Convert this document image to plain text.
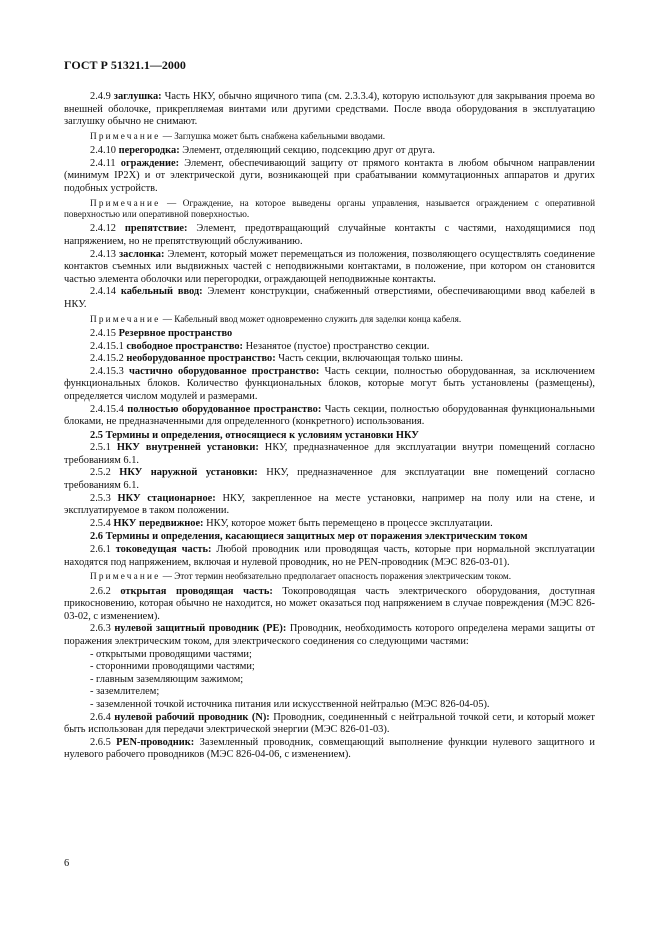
ГОСТ Р 51321.1—2000

2.4.9 заглушка: Часть НКУ, обычно ящичного типа (см. 2.3.3.4), которую используют для закрывания проема во внешней оболочке, прикрепляемая винтами или другими средствами. После ввода оборудования в эксплуатацию заглушку обычно не снимают.

Примечание — Заглушка может быть снабжена кабельными вводами.

2.4.10 перегородка: Элемент, отделяющий секцию, подсекцию друг от друга.

2.4.11 ограждение: Элемент, обеспечивающий защиту от прямого контакта в любом обычном направлении (минимум IP2X) и от электрической дуги, возникающей при срабатывании коммутационных аппаратов и других подобных устройств.

Примечание — Ограждение, на которое выведены органы управления, называется ограждением с оперативной поверхностью или оперативной поверхностью.

2.4.12 препятствие: Элемент, предотвращающий случайные контакты с частями, находящимися под напряжением, но не препятствующий обслуживанию.

2.4.13 заслонка: Элемент, который может перемещаться из положения, позволяющего осуществлять соединение контактов съемных или выдвижных частей с неподвижными контактами, в положение, при котором он становится частью элемента оболочки или перегородки, ограждающей неподвижные контакты.

2.4.14 кабельный ввод: Элемент конструкции, снабженный отверстиями, обеспечивающими ввод кабелей в НКУ.

Примечание — Кабельный ввод может одновременно служить для заделки конца кабеля.

2.4.15 Резервное пространство

2.4.15.1 свободное пространство: Незанятое (пустое) пространство секции.

2.4.15.2 необорудованное пространство: Часть секции, включающая только шины.

2.4.15.3 частично оборудованное пространство: Часть секции, полностью оборудованная, за исключением функциональных блоков. Количество функциональных блоков, которые могут быть установлены (размещены), определяется числом модулей и размерами.

2.4.15.4 полностью оборудованное пространство: Часть секции, полностью оборудованная функциональными блоками, не предназначенными для определенного (конкретного) использования.

2.5 Термины и определения, относящиеся к условиям установки НКУ

2.5.1 НКУ внутренней установки: НКУ, предназначенное для эксплуатации внутри помещений согласно требованиям 6.1.

2.5.2 НКУ наружной установки: НКУ, предназначенное для эксплуатации вне помещений согласно требованиям 6.1.

2.5.3 НКУ стационарное: НКУ, закрепленное на месте установки, например на полу или на стене, и эксплуатируемое в таком положении.

2.5.4 НКУ передвижное: НКУ, которое может быть перемещено в процессе эксплуатации.

2.6 Термины и определения, касающиеся защитных мер от поражения электрическим током

2.6.1 токоведущая часть: Любой проводник или проводящая часть, которые при нормальной эксплуатации находятся под напряжением, включая и нулевой проводник, но не PEN-проводник (МЭС 826-03-01).

Примечание — Этот термин необязательно предполагает опасность поражения электрическим током.

2.6.2 открытая проводящая часть: Токопроводящая часть электрического оборудования, доступная прикосновению, которая обычно не находится, но может оказаться под напряжением в случае повреждения (МЭС 826-03-02, с изменением).

2.6.3 нулевой защитный проводник (РЕ): Проводник, необходимость которого определена мерами защиты от поражения электрическим током, для электрического соединения со следующими частями:

- открытыми проводящими частями;

- сторонними проводящими частями;

- главным заземляющим зажимом;

- заземлителем;

- заземленной точкой источника питания или искусственной нейтралью (МЭС 826-04-05).

2.6.4 нулевой рабочий проводник (N): Проводник, соединенный с нейтральной точкой сети, и который может быть использован для передачи электрической энергии (МЭС 826-01-03).

2.6.5 PEN-проводник: Заземленный проводник, совмещающий выполнение функции нулевого защитного и нулевого рабочего проводников (МЭС 826-04-06, с изменением).

6
